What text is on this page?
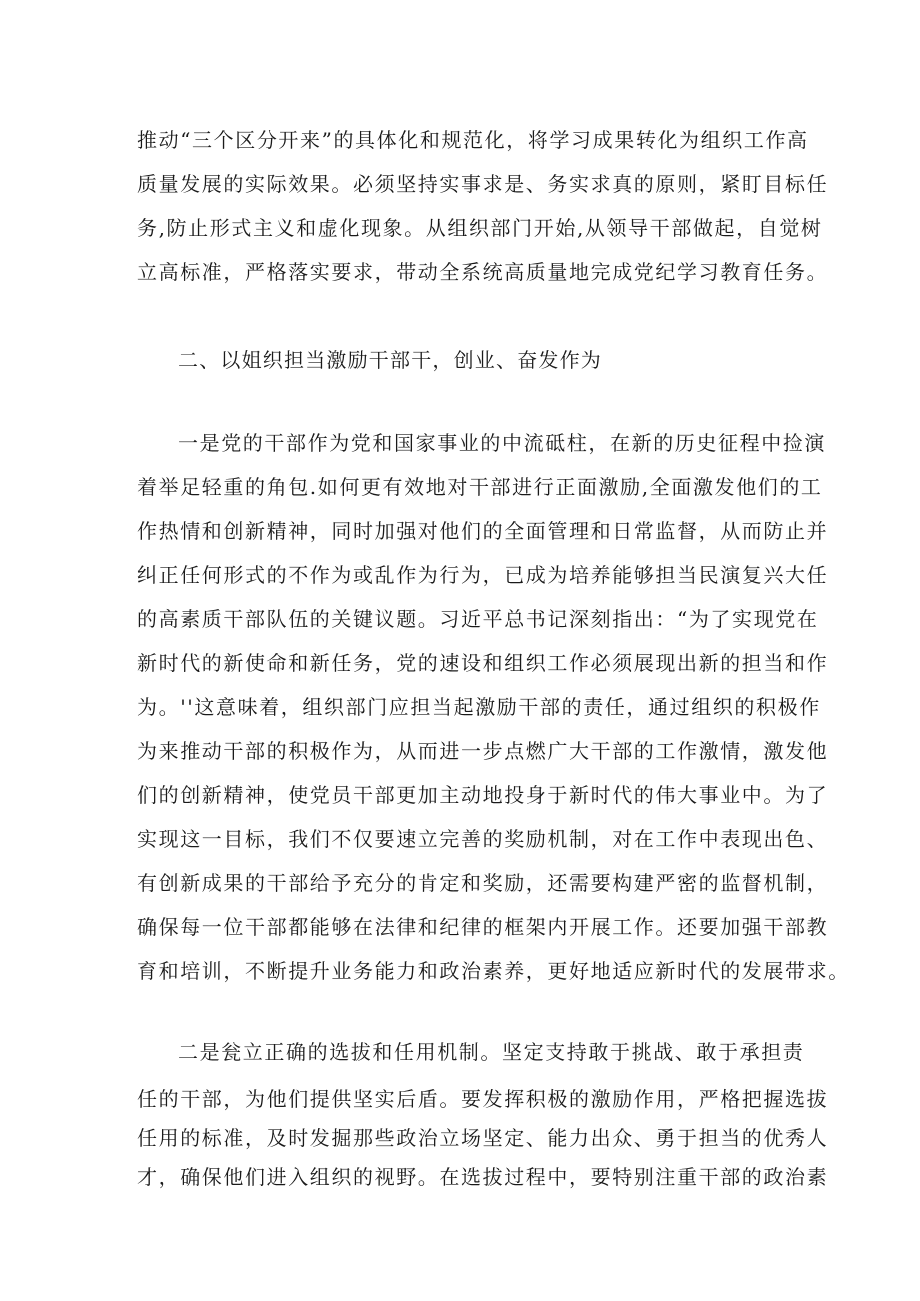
推动“三个区分开来”的具体化和规范化，将学习成果转化为组织工作高
质量发展的实际效果。必须坚持实事求是、务实求真的原则，紧盯目标任
务,防止形式主义和虚化现象。从组织部门开始,从领导干部做起，自觉树
立高标准，严格落实要求，带动全系统高质量地完成党纪学习教育任务。
二、以姐织担当激励干部干，创业、奋发作为
一是党的干部作为党和国家事业的中流砥柱，在新的历史征程中捡演
着举足轻重的角包.如何更有效地对干部进行正面激励,全面激发他们的工
作热情和创新精神，同时加强对他们的全面管理和日常监督，从而防止并
纠正任何形式的不作为或乱作为行为，已成为培养能够担当民演复兴大任
的高素质干部队伍的关键议题。习近平总书记深刻指出：“为了实现党在
新时代的新使命和新任务，党的速设和组织工作必须展现出新的担当和作
为。''这意味着，组织部门应担当起激励干部的责任，通过组织的积极作
为来推动干部的积极作为，从而进一步点燃广大干部的工作激情，激发他
们的创新精神，使党员干部更加主动地投身于新时代的伟大事业中。为了
实现这一目标，我们不仅要速立完善的奖励机制，对在工作中表现出色、
有创新成果的干部给予充分的肯定和奖励，还需要构建严密的监督机制，
确保每一位干部都能够在法律和纪律的框架内开展工作。还要加强干部教
育和培训，不断提升业务能力和政治素养，更好地适应新时代的发展带求。
二是瓮立正确的选拔和任用机制。坚定支持敢于挑战、敢于承担责
任的干部，为他们提供坚实后盾。要发挥积极的激励作用，严格把握选拔
任用的标准，及时发掘那些政治立场坚定、能力出众、勇于担当的优秀人
才，确保他们进入组织的视野。在选拔过程中，要特别注重干部的政治素
